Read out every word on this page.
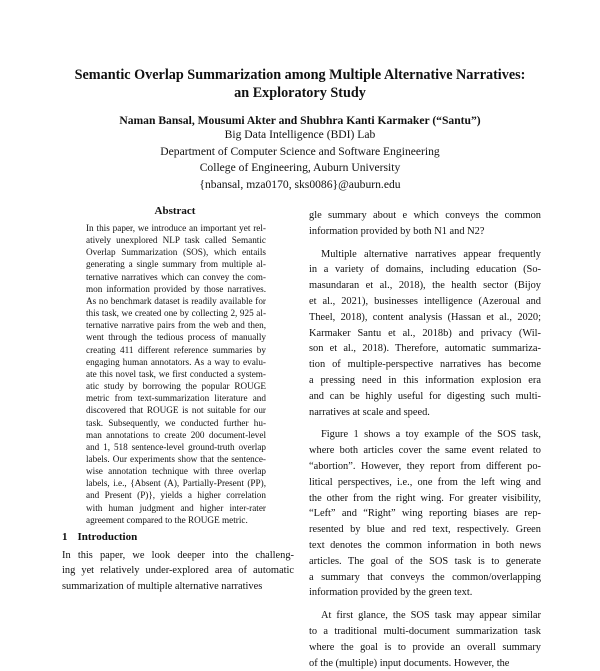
Semantic Overlap Summarization among Multiple Alternative Narratives:
an Exploratory Study
Naman Bansal, Mousumi Akter and Shubhra Kanti Karmaker (“Santu”)
Big Data Intelligence (BDI) Lab
Department of Computer Science and Software Engineering
College of Engineering, Auburn University
{nbansal, mza0170, sks0086}@auburn.edu
Abstract
In this paper, we introduce an important yet rel-
atively unexplored NLP task called Semantic
Overlap Summarization (SOS), which entails
generating a single summary from multiple al-
ternative narratives which can convey the com-
mon information provided by those narratives.
As no benchmark dataset is readily available for
this task, we created one by collecting 2, 925 al-
ternative narrative pairs from the web and then,
went through the tedious process of manually
creating 411 different reference summaries by
engaging human annotators. As a way to evalu-
ate this novel task, we first conducted a system-
atic study by borrowing the popular ROUGE
metric from text-summarization literature and
discovered that ROUGE is not suitable for our
task. Subsequently, we conducted further hu-
man annotations to create 200 document-level
and 1, 518 sentence-level ground-truth overlap
labels. Our experiments show that the sentence-
wise annotation technique with three overlap
labels, i.e., {Absent (A), Partially-Present (PP),
and Present (P)}, yields a higher correlation
with human judgment and higher inter-rater
agreement compared to the ROUGE metric.
1 Introduction
In this paper, we look deeper into the challeng-
ing yet relatively under-explored area of automatic
summarization of multiple alternative narratives
gle summary about e which conveys the common
information provided by both N1 and N2?
Multiple alternative narratives appear frequently
in a variety of domains, including education (So-
masundaran et al., 2018), the health sector (Bijoy
et al., 2021), businesses intelligence (Azeroual and
Theel, 2018), content analysis (Hassan et al., 2020;
Karmaker Santu et al., 2018b) and privacy (Wil-
son et al., 2018). Therefore, automatic summariza-
tion of multiple-perspective narratives has become
a pressing need in this information explosion era
and can be highly useful for digesting such multi-
narratives at scale and speed.
Figure 1 shows a toy example of the SOS task,
where both articles cover the same event related to
“abortion”. However, they report from different po-
litical perspectives, i.e., one from the left wing and
the other from the right wing. For greater visibility,
“Left” and “Right” wing reporting biases are rep-
resented by blue and red text, respectively. Green
text denotes the common information in both news
articles. The goal of the SOS task is to generate
a summary that conveys the common/overlapping
information provided by the green text.
At first glance, the SOS task may appear similar
to a traditional multi-document summarization task
where the goal is to provide an overall summary
of the (multiple) input documents. However, the
